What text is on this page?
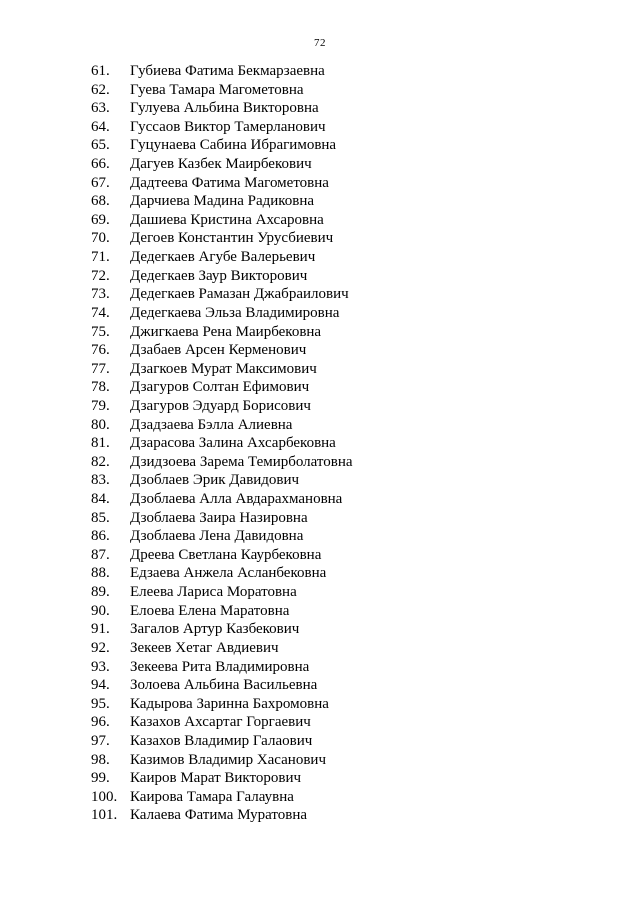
72
61.	Губиева Фатима Бекмарзаевна
62.	Гуева Тамара Магометовна
63.	Гулуева Альбина Викторовна
64.	Гуссаов Виктор Тамерланович
65.	Гуцунаева Сабина Ибрагимовна
66.	Дагуев Казбек Маирбекович
67.	Дадтеева Фатима Магометовна
68.	Дарчиева Мадина Радиковна
69.	Дашиева Кристина Ахсаровна
70.	Дегоев Константин Урусбиевич
71.	Дедегкаев Агубе Валерьевич
72.	Дедегкаев Заур Викторович
73.	Дедегкаев Рамазан Джабраилович
74.	Дедегкаева Эльза Владимировна
75.	Джигкаева Рена Маирбековна
76.	Дзабаев Арсен Керменович
77.	Дзагкоев Мурат Максимович
78.	Дзагуров Солтан Ефимович
79.	Дзагуров Эдуард Борисович
80.	Дзадзаева Бэлла Алиевна
81.	Дзарасова Залина Ахсарбековна
82.	Дзидзоева Зарема Темирболатовна
83.	Дзоблаев Эрик Давидович
84.	Дзоблаева Алла Авдарахмановна
85.	Дзоблаева Заира Назировна
86.	Дзоблаева Лена Давидовна
87.	Дреева Светлана Каурбековна
88.	Едзаева Анжела Асланбековна
89.	Елеева Лариса Моратовна
90.	Елоева Елена Маратовна
91.	Загалов Артур Казбекович
92.	Зекеев Хетаг Авдиевич
93.	Зекеева Рита Владимировна
94.	Золоева Альбина Васильевна
95.	Кадырова Заринна Бахромовна
96.	Казахов Ахсартаг Горгаевич
97.	Казахов Владимир Галаович
98.	Казимов Владимир Хасанович
99.	Каиров Марат Викторович
100. Каирова Тамара Галаувна
101. Калаева Фатима Муратовна
